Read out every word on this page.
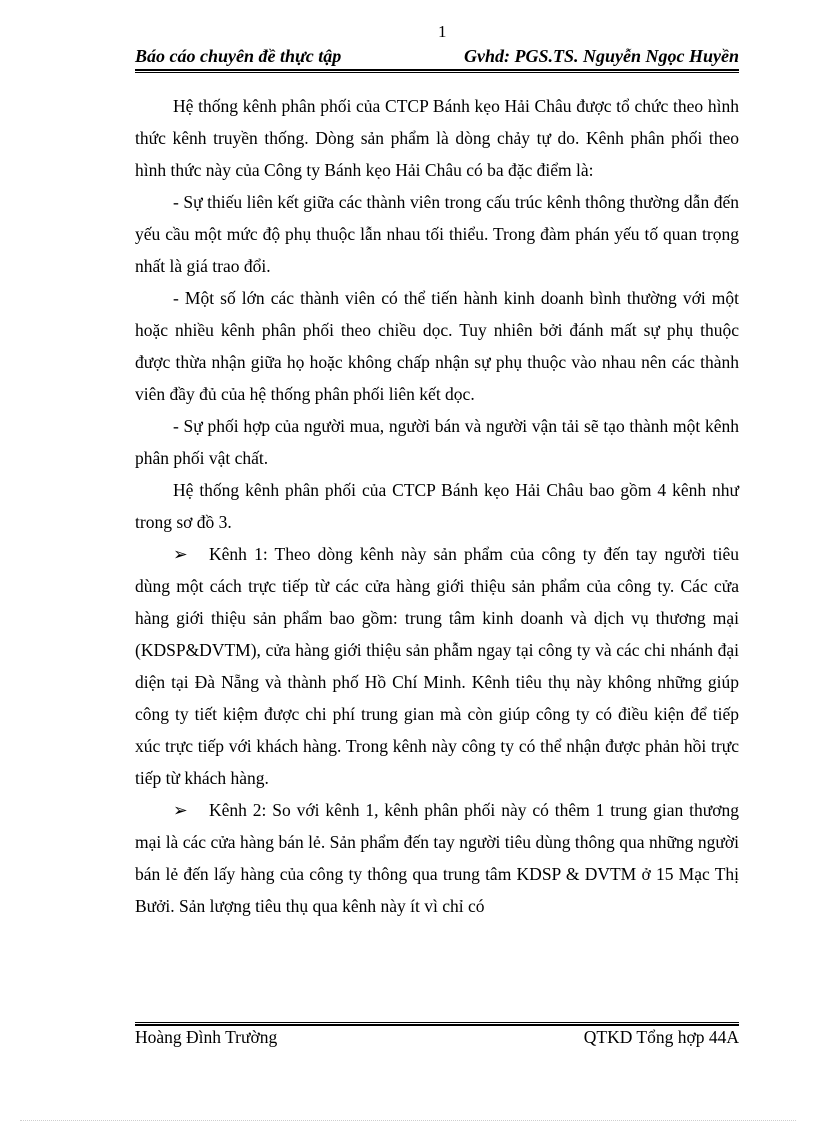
1
Báo cáo chuyên đề thực tập	Gvhd: PGS.TS. Nguyễn Ngọc Huyền

Hệ thống kênh phân phối của CTCP Bánh kẹo Hải Châu được tổ chức theo hình thức kênh truyền thống. Dòng sản phẩm là dòng chảy tự do. Kênh phân phối theo hình thức này của Công ty Bánh kẹo Hải Châu có ba đặc điểm là:

- Sự thiếu liên kết giữa các thành viên trong cấu trúc kênh thông thường dẫn đến yếu cầu một mức độ phụ thuộc lẫn nhau tối thiểu. Trong đàm phán yếu tố quan trọng nhất là giá trao đổi.

- Một số lớn các thành viên có thể tiến hành kinh doanh bình thường với một hoặc nhiều kênh phân phối theo chiều dọc. Tuy nhiên bởi đánh mất sự phụ thuộc được thừa nhận giữa họ hoặc không chấp nhận sự phụ thuộc vào nhau nên các thành viên đầy đủ của hệ thống phân phối liên kết dọc.

- Sự phối hợp của người mua, người bán và người vận tải sẽ tạo thành một kênh phân phối vật chất.

Hệ thống kênh phân phối của CTCP Bánh kẹo Hải Châu bao gồm 4 kênh như trong sơ đồ 3.

➢ Kênh 1: Theo dòng kênh này sản phẩm của công ty đến tay người tiêu dùng một cách trực tiếp từ các cửa hàng giới thiệu sản phẩm của công ty. Các cửa hàng giới thiệu sản phẩm bao gồm: trung tâm kinh doanh và dịch vụ thương mại (KDSP&DVTM), cửa hàng giới thiệu sản phẫm ngay tại công ty và các chi nhánh đại diện tại Đà Nẵng và thành phố Hồ Chí Minh. Kênh tiêu thụ này không những giúp công ty tiết kiệm được chi phí trung gian mà còn giúp công ty có điều kiện để tiếp xúc trực tiếp với khách hàng. Trong kênh này công ty có thể nhận được phản hồi trực tiếp từ khách hàng.

➢ Kênh 2: So với kênh 1, kênh phân phối này có thêm 1 trung gian thương mại là các cửa hàng bán lẻ. Sản phẩm đến tay người tiêu dùng thông qua những người bán lẻ đến lấy hàng của công ty thông qua trung tâm KDSP & DVTM ở 15 Mạc Thị Bưởi. Sản lượng tiêu thụ qua kênh này ít vì chỉ có

Hoàng Đình Trường	QTKD Tổng hợp 44A
